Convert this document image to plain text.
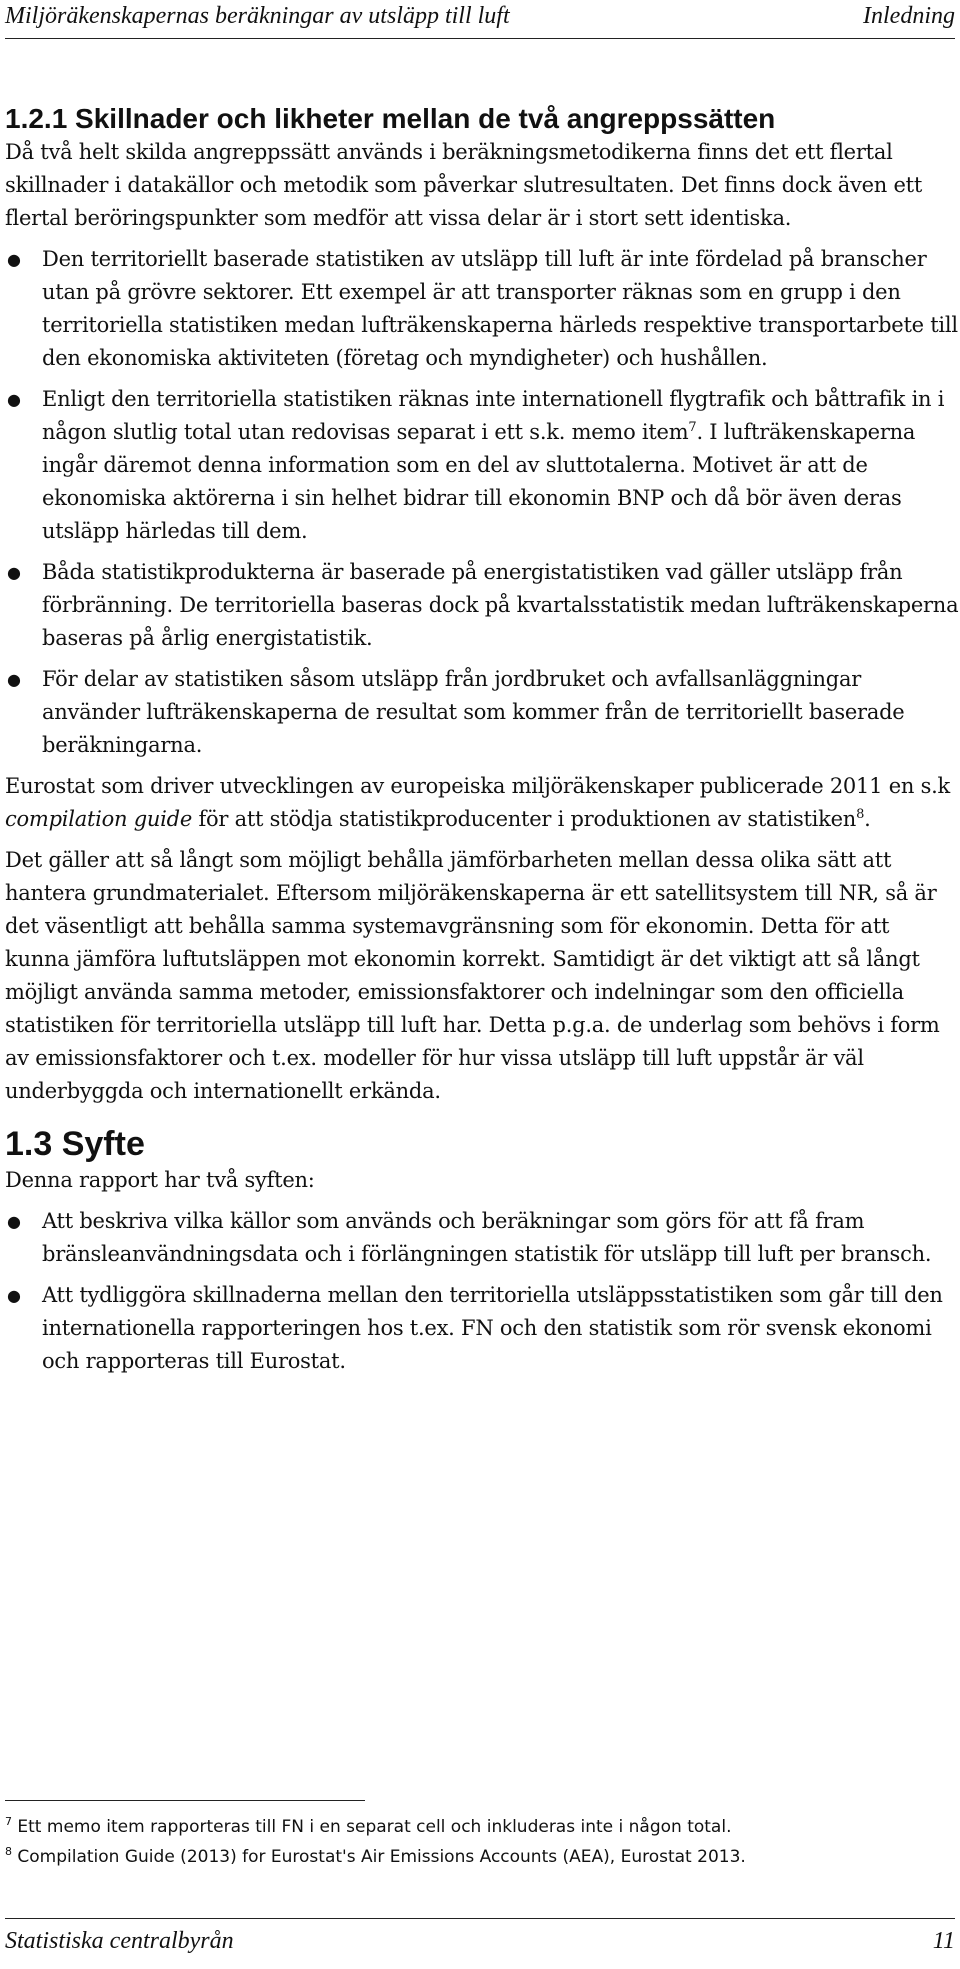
Miljöräkenskapernas beräkningar av utsläpp till luft	Inledning
1.2.1 Skillnader och likheter mellan de två angreppssätten

Då två helt skilda angreppssätt används i beräkningsmetodikerna finns det ett flertal skillnader i datakällor och metodik som påverkar slutresultaten. Det finns dock även ett flertal beröringspunkter som medför att vissa delar är i stort sett identiska.

● Den territoriellt baserade statistiken av utsläpp till luft är inte fördelad på branscher utan på grövre sektorer. Ett exempel är att transporter räknas som en grupp i den territoriella statistiken medan lufträkenskaperna härleds respektive transportarbete till den ekonomiska aktiviteten (företag och myndigheter) och hushållen.
● Enligt den territoriella statistiken räknas inte internationell flygtrafik och båttrafik in i någon slutlig total utan redovisas separat i ett s.k. memo item$^7$. I lufträkenskaperna ingår däremot denna information som en del av sluttotalerna. Motivet är att de ekonomiska aktörerna i sin helhet bidrar till ekonomin BNP och då bör även deras utsläpp härledas till dem.
● Båda statistikprodukterna är baserade på energistatistiken vad gäller utsläpp från förbränning. De territoriella baseras dock på kvartalsstatistik medan lufträkenskaperna baseras på årlig energistatistik.
● För delar av statistiken såsom utsläpp från jordbruket och avfallsanläggningar använder lufträkenskaperna de resultat som kommer från de territoriellt baserade beräkningarna.

Eurostat som driver utvecklingen av europeiska miljöräkenskaper publicerade 2011 en s.k compilation guide för att stödja statistikproducenter i produktionen av statistiken$^8$.

Det gäller att så långt som möjligt behålla jämförbarheten mellan dessa olika sätt att hantera grundmaterialet. Eftersom miljöräkenskaperna är ett satellitsystem till NR, så är det väsentligt att behålla samma systemavgränsning som för ekonomin. Detta för att kunna jämföra luftutsläppen mot ekonomin korrekt. Samtidigt är det viktigt att så långt möjligt använda samma metoder, emissionsfaktorer och indelningar som den officiella statistiken för territoriella utsläpp till luft har. Detta p.g.a. de underlag som behövs i form av emissionsfaktorer och t.ex. modeller för hur vissa utsläpp till luft uppstår är väl underbyggda och internationellt erkända.

1.3 Syfte

Denna rapport har två syften:

● Att beskriva vilka källor som används och beräkningar som görs för att få fram bränsleanvändningsdata och i förlängningen statistik för utsläpp till luft per bransch.
● Att tydliggöra skillnaderna mellan den territoriella utsläppsstatistiken som går till den internationella rapporteringen hos t.ex. FN och den statistik som rör svensk ekonomi och rapporteras till Eurostat.
$^7$ Ett memo item rapporteras till FN i en separat cell och inkluderas inte i någon total.
$^8$ Compilation Guide (2013) for Eurostat's Air Emissions Accounts (AEA), Eurostat 2013.
Statistiska centralbyrån	11
